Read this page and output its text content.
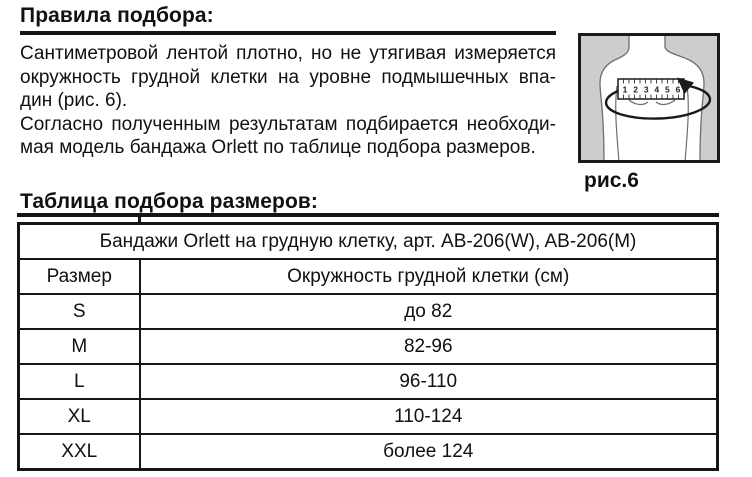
Правила подбора:
Сантиметровой лентой плотно, но не утягивая измеряется
окружность грудной клетки на уровне подмышечных впа-
дин (рис. 6).
Согласно полученным результатам подбирается необходи-
мая модель бандажа Orlett по таблице подбора размеров.
1 2 3 4 5 6
рис.6
Таблица подбора размеров:
Бандажи Orlett на грудную клетку, арт. AB-206(W), AB-206(M)	
Размер	Окружность грудной клетки (см)
S	до 82
M	82-96
L	96-110
XL	110-124
XXL	более 124
